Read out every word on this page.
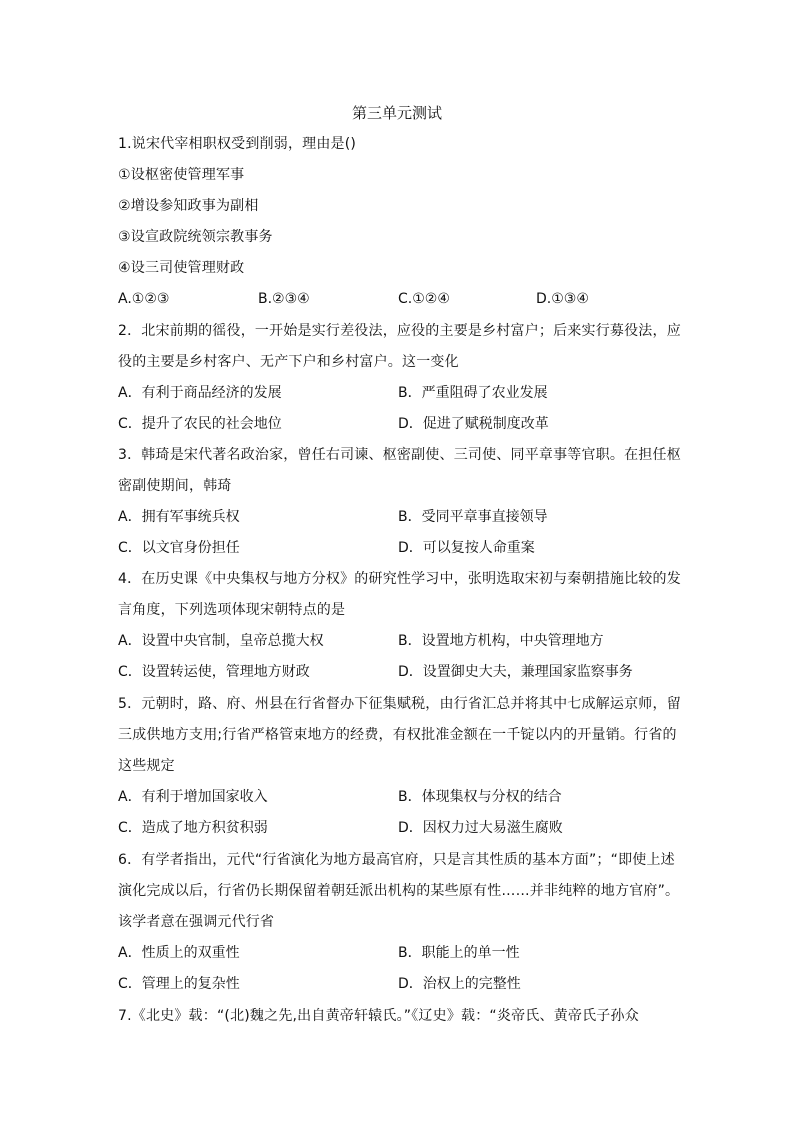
第三单元测试
1.说宋代宰相职权受到削弱，理由是()
①设枢密使管理军事
②增设参知政事为副相
③设宣政院统领宗教事务
④设三司使管理财政
A.①②③	B.②③④	C.①②④	D.①③④
2．北宋前期的徭役，一开始是实行差役法，应役的主要是乡村富户；后来实行募役法，应
役的主要是乡村客户、无产下户和乡村富户。这一变化
A．有利于商品经济的发展	B．严重阻碍了农业发展
C．提升了农民的社会地位	D．促进了赋税制度改革
3．韩琦是宋代著名政治家，曾任右司谏、枢密副使、三司使、同平章事等官职。在担任枢
密副使期间，韩琦
A．拥有军事统兵权	B．受同平章事直接领导
C．以文官身份担任	D．可以复按人命重案
4．在历史课《中央集权与地方分权》的研究性学习中，张明选取宋初与秦朝措施比较的发
言角度，下列选项体现宋朝特点的是
A．设置中央官制，皇帝总揽大权	B．设置地方机构，中央管理地方
C．设置转运使，管理地方财政	D．设置御史大夫，兼理国家监察事务
5．元朝时，路、府、州县在行省督办下征集赋税，由行省汇总并将其中七成解运京师，留
三成供地方支用;行省严格管束地方的经费，有权批准金额在一千锭以内的开量销。行省的
这些规定
A．有利于增加国家收入	B．体现集权与分权的结合
C．造成了地方积贫积弱	D．因权力过大易滋生腐败
6．有学者指出，元代“行省演化为地方最高官府，只是言其性质的基本方面”；“即使上述
演化完成以后，行省仍长期保留着朝廷派出机构的某些原有性……并非纯粹的地方官府”。
该学者意在强调元代行省
A．性质上的双重性	B．职能上的单一性
C．管理上的复杂性	D．治权上的完整性
7.《北史》载：“(北)魏之先,出自黄帝轩辕氏。”《辽史》载：“炎帝氏、黄帝氏子孙众
